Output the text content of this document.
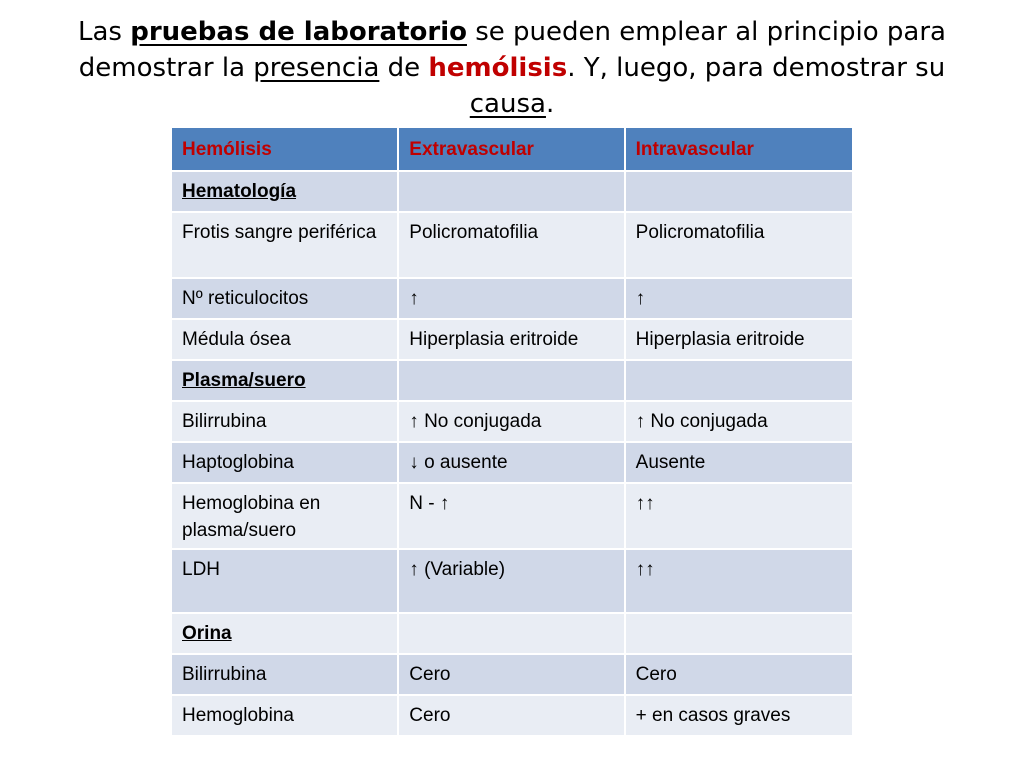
Las pruebas de laboratorio se pueden emplear al principio para demostrar la presencia de hemólisis. Y, luego, para demostrar su causa.
Hemólisis	Extravascular	Intravascular
Hematología		
Frotis sangre periférica	Policromatofilia	Policromatofilia
Nº reticulocitos	↑	↑
Médula ósea	Hiperplasia eritroide	Hiperplasia eritroide
Plasma/suero		
Bilirrubina	↑ No conjugada	↑ No conjugada
Haptoglobina	↓ o ausente	Ausente
Hemoglobina en plasma/suero	N - ↑	↑↑
LDH	↑ (Variable)	↑↑
Orina		
Bilirrubina	Cero	Cero
Hemoglobina	Cero	+ en casos graves
